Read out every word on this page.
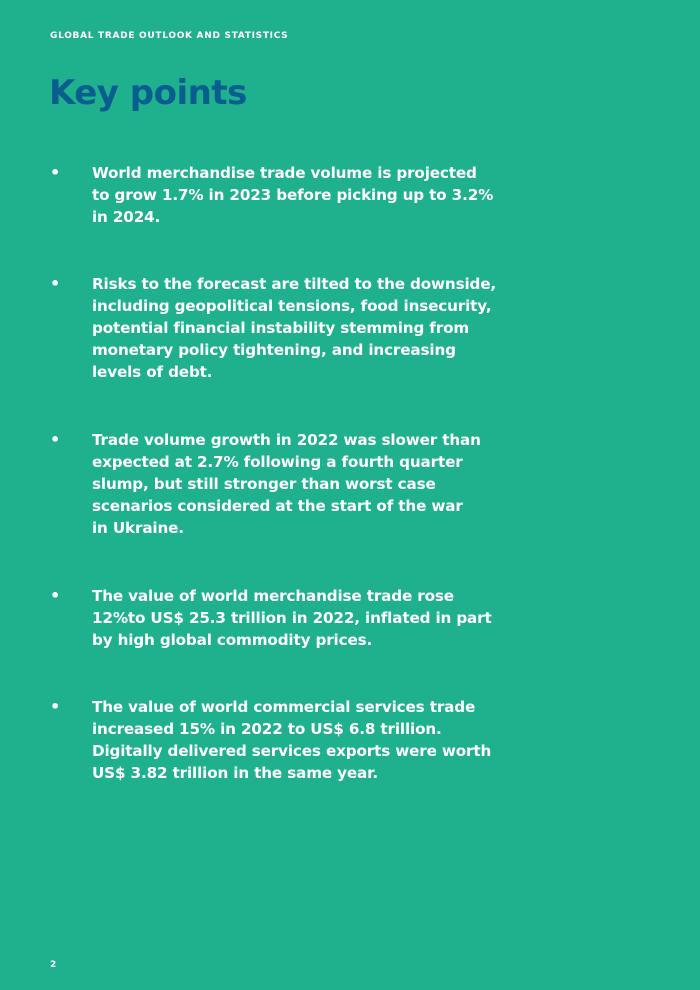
GLOBAL TRADE OUTLOOK AND STATISTICS
Key points
• World merchandise trade volume is projected
to grow 1.7% in 2023 before picking up to 3.2%
in 2024.
• Risks to the forecast are tilted to the downside,
including geopolitical tensions, food insecurity,
potential financial instability stemming from
monetary policy tightening, and increasing
levels of debt.
• Trade volume growth in 2022 was slower than
expected at 2.7% following a fourth quarter
slump, but still stronger than worst case
scenarios considered at the start of the war
in Ukraine.
• The value of world merchandise trade rose
12%to US$ 25.3 trillion in 2022, inflated in part
by high global commodity prices.
• The value of world commercial services trade
increased 15% in 2022 to US$ 6.8 trillion.
Digitally delivered services exports were worth
US$ 3.82 trillion in the same year.
2
